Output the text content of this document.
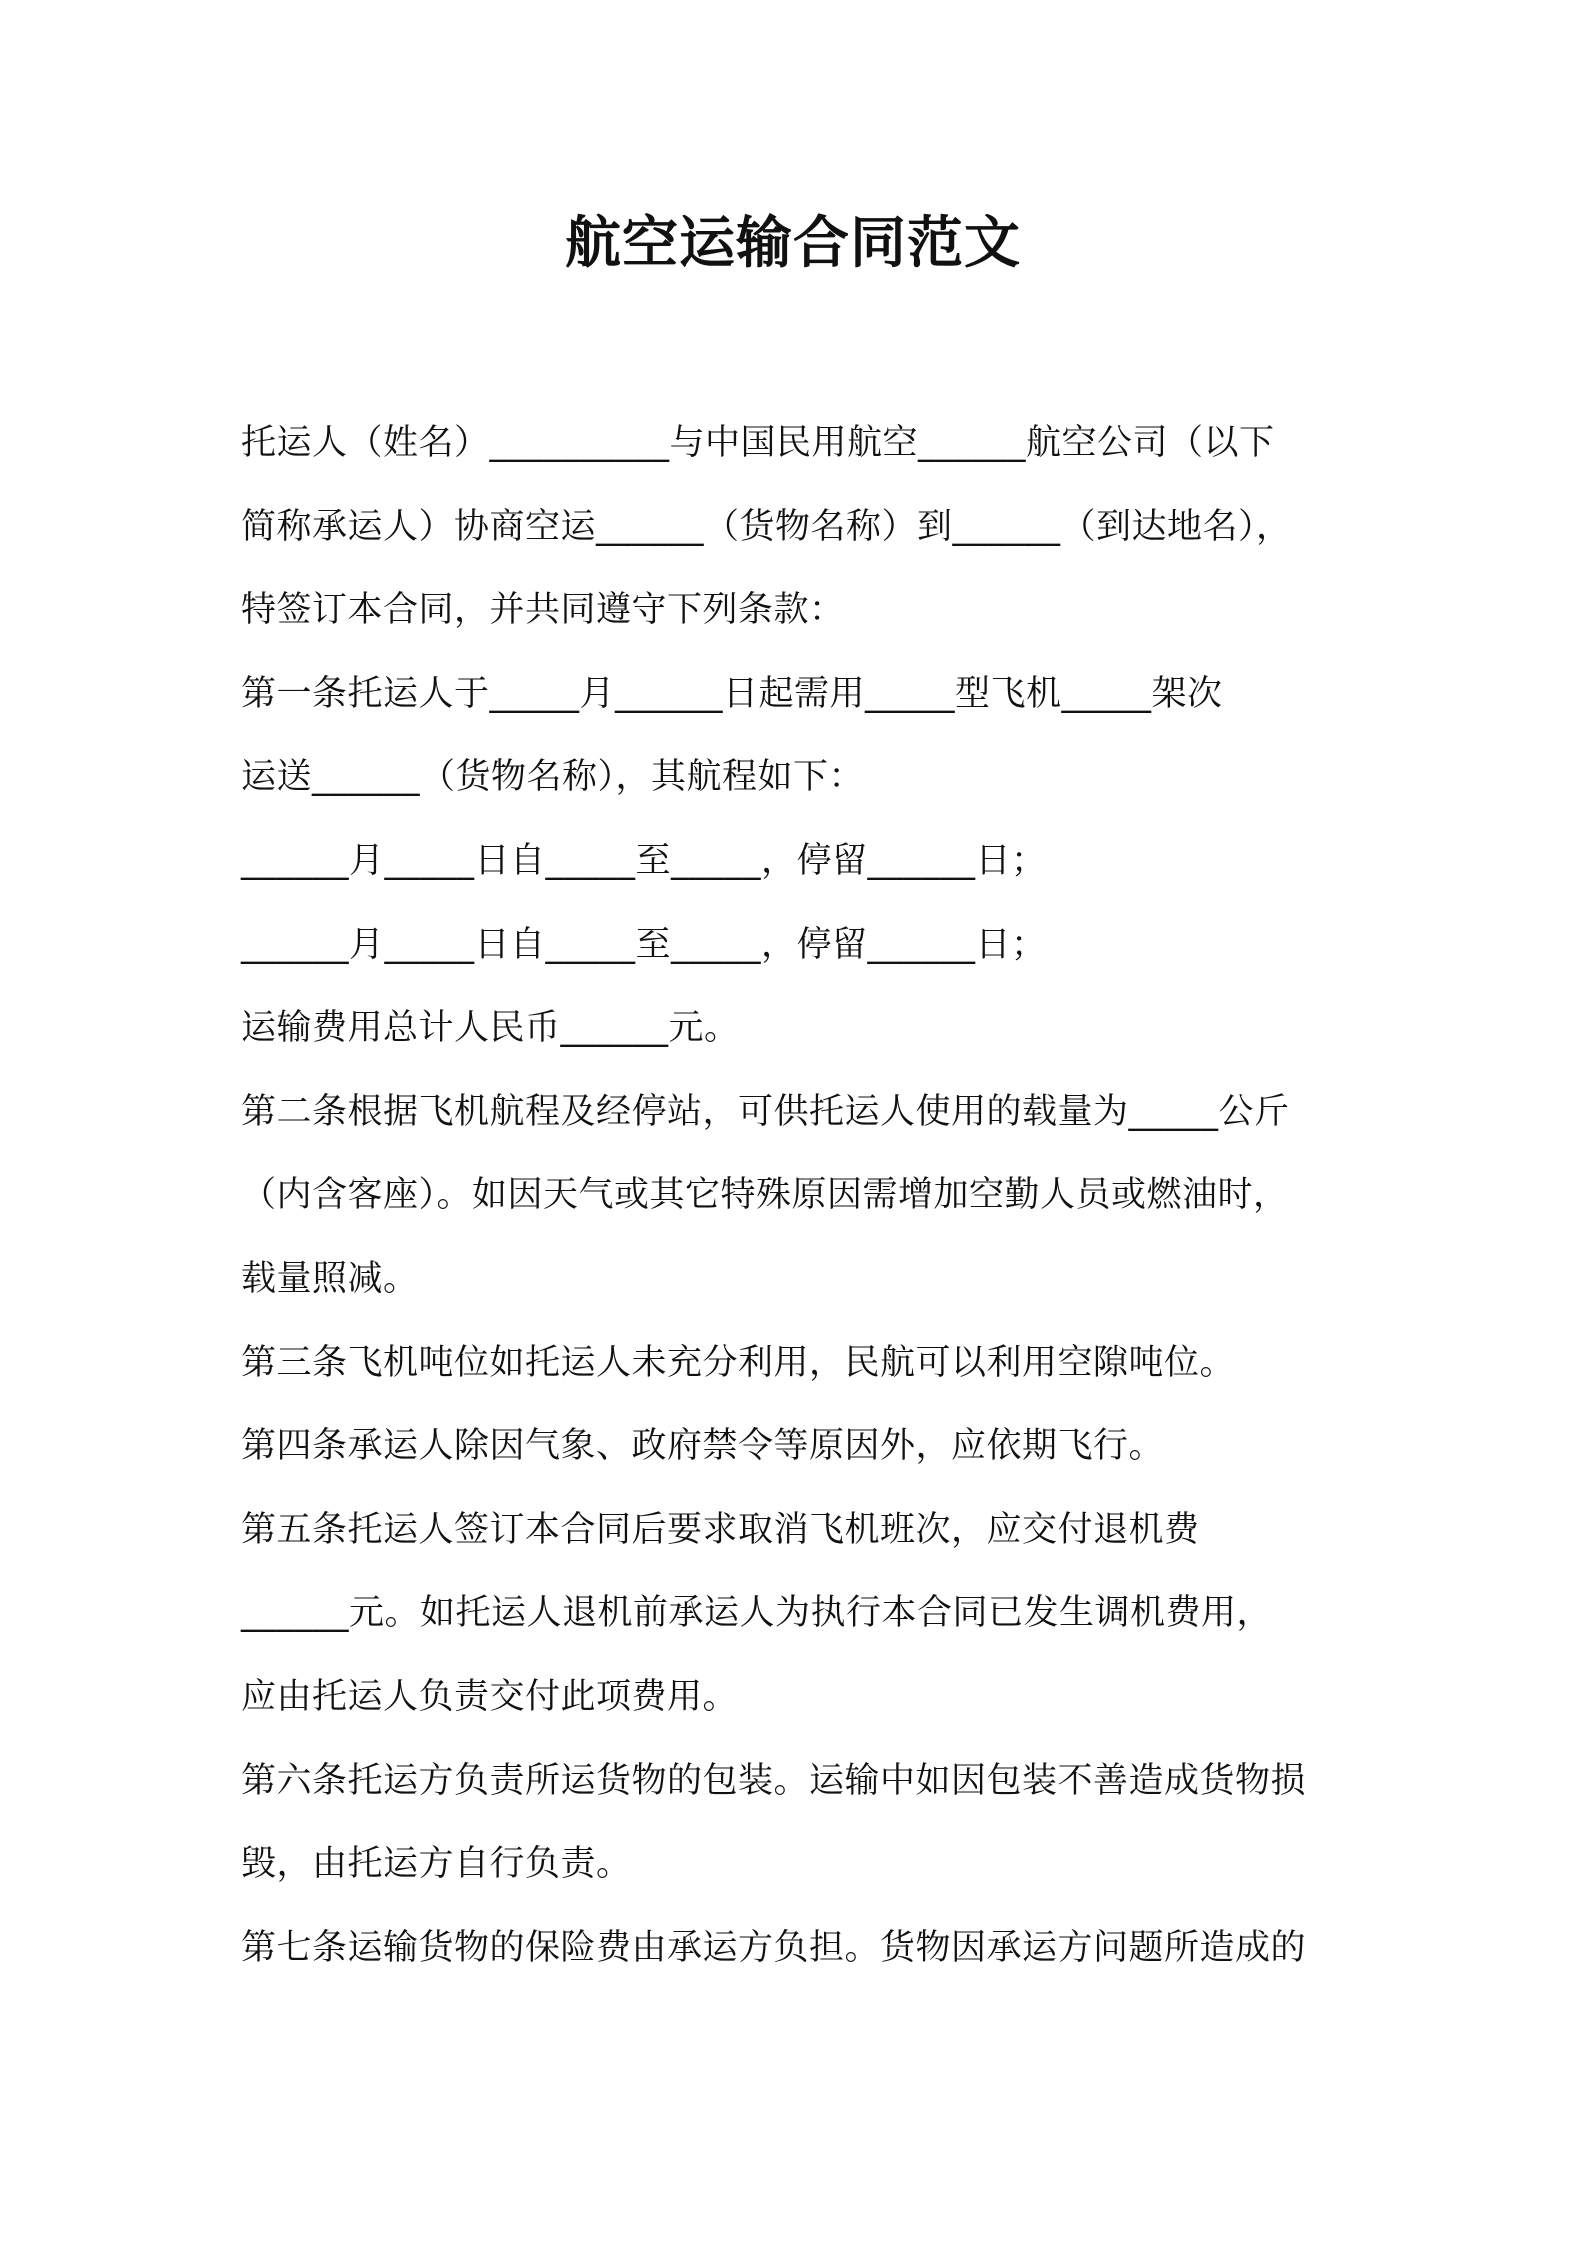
航空运输合同范文
托运人（姓名）__________与中国民用航空______航空公司（以下
简称承运人）协商空运______（货物名称）到______（到达地名），
特签订本合同，并共同遵守下列条款：
第一条托运人于_____月______日起需用_____型飞机_____架次
运送______（货物名称），其航程如下：
______月_____日自_____至_____，停留______日；
______月_____日自_____至_____，停留______日；
运输费用总计人民币______元。
第二条根据飞机航程及经停站，可供托运人使用的载量为_____公斤
（内含客座）。如因天气或其它特殊原因需增加空勤人员或燃油时，
载量照减。
第三条飞机吨位如托运人未充分利用，民航可以利用空隙吨位。
第四条承运人除因气象、政府禁令等原因外，应依期飞行。
第五条托运人签订本合同后要求取消飞机班次，应交付退机费
______元。如托运人退机前承运人为执行本合同已发生调机费用，
应由托运人负责交付此项费用。
第六条托运方负责所运货物的包装。运输中如因包装不善造成货物损
毁，由托运方自行负责。
第七条运输货物的保险费由承运方负担。货物因承运方问题所造成的
